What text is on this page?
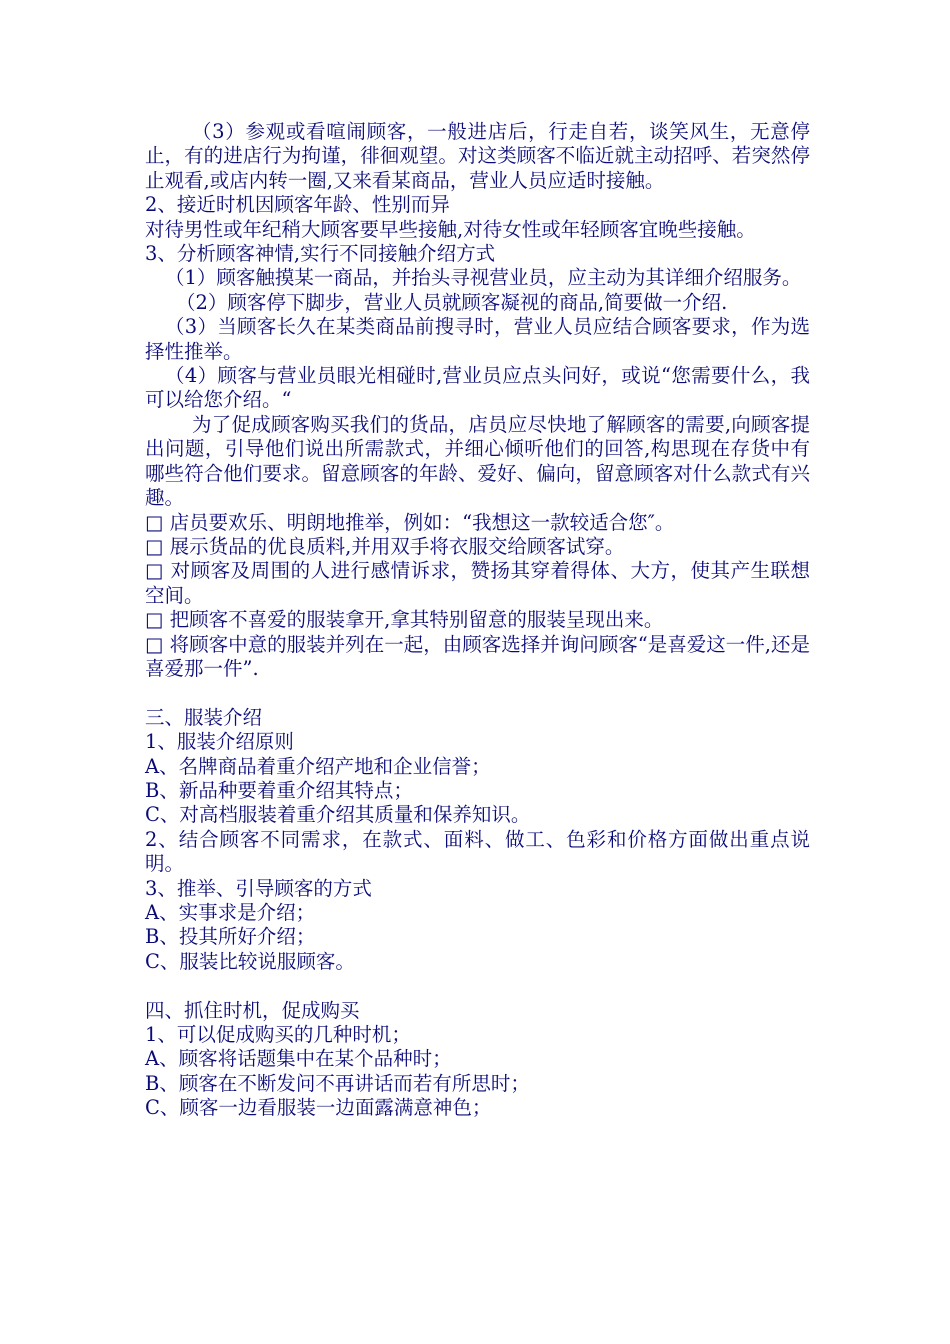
（3）参观或看喧闹顾客，一般进店后，行走自若，谈笑风生，无意停止，有的进店行为拘谨，徘徊观望。对这类顾客不临近就主动招呼、若突然停止观看,或店内转一圈,又来看某商品，营业人员应适时接触。

2、接近时机因顾客年龄、性别而异

对待男性或年纪稍大顾客要早些接触,对待女性或年轻顾客宜晚些接触。

3、分析顾客神情,实行不同接触介绍方式

（1）顾客触摸某一商品，并抬头寻视营业员，应主动为其详细介绍服务。

（2）顾客停下脚步，营业人员就顾客凝视的商品,简要做一介绍.

（3）当顾客长久在某类商品前搜寻时，营业人员应结合顾客要求，作为选择性推举。

（4）顾客与营业员眼光相碰时,营业员应点头问好，或说“您需要什么，我可以给您介绍。“

为了促成顾客购买我们的货品，店员应尽快地了解顾客的需要,向顾客提出问题，引导他们说出所需款式，并细心倾听他们的回答,构思现在存货中有哪些符合他们要求。留意顾客的年龄、爱好、偏向，留意顾客对什么款式有兴趣。

□ 店员要欢乐、明朗地推举，例如：“我想这一款较适合您″。

□ 展示货品的优良质料,并用双手将衣服交给顾客试穿。

□ 对顾客及周围的人进行感情诉求，赞扬其穿着得体、大方，使其产生联想空间。

□ 把顾客不喜爱的服装拿开,拿其特别留意的服装呈现出来。

□ 将顾客中意的服装并列在一起，由顾客选择并询问顾客“是喜爱这一件,还是喜爱那一件”.

三、服装介绍

1、服装介绍原则

A、名牌商品着重介绍产地和企业信誉；

B、新品种要着重介绍其特点；

C、对高档服装着重介绍其质量和保养知识。

2、结合顾客不同需求，在款式、面料、做工、色彩和价格方面做出重点说明。

3、推举、引导顾客的方式

A、实事求是介绍；

B、投其所好介绍；

C、服装比较说服顾客。

四、抓住时机，促成购买

1、可以促成购买的几种时机；

A、顾客将话题集中在某个品种时；

B、顾客在不断发问不再讲话而若有所思时；

C、顾客一边看服装一边面露满意神色；
